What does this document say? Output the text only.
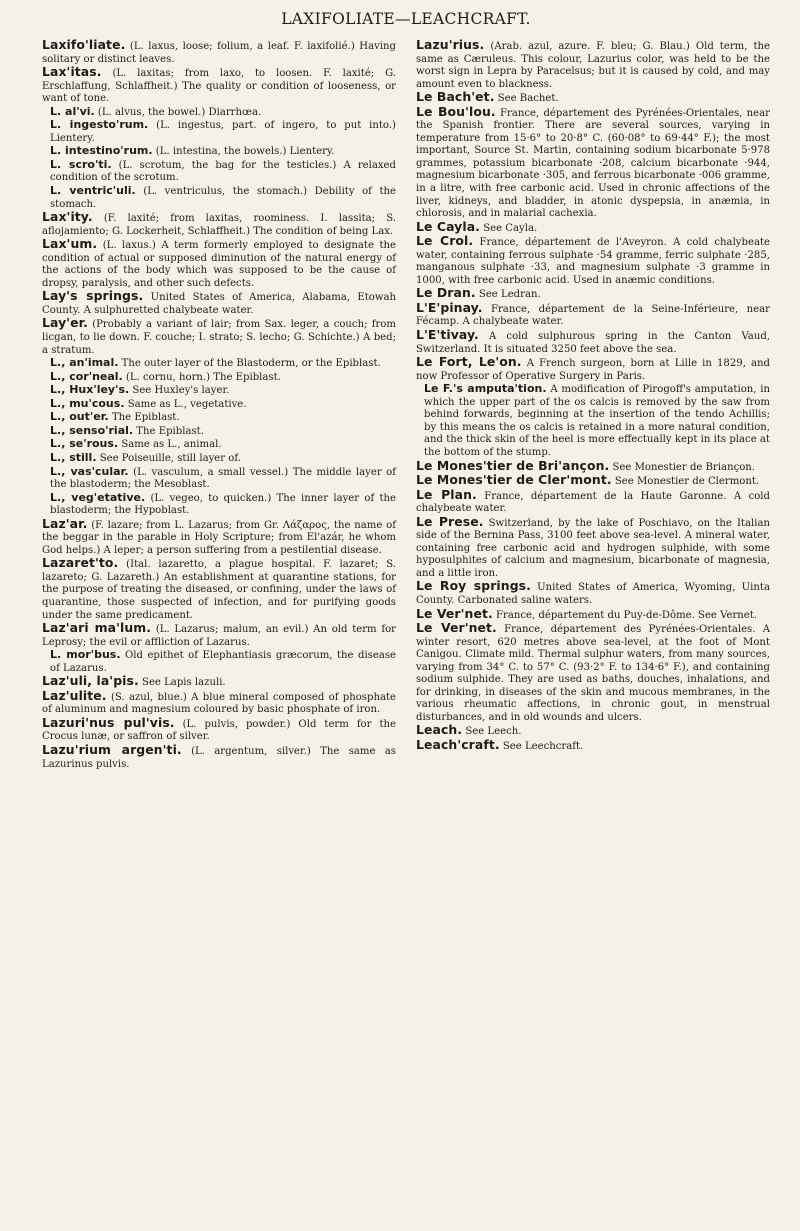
LAXIFOLIATE—LEACHCRAFT.

Laxifo'liate. (L. laxus, loose; folium, a leaf. F. laxifolié.) Having solitary or distinct leaves.

Lax'itas. (L. laxitas; from laxo, to loosen. F. laxité; G. Erschlaffung, Schlaffheit.) The quality or condition of looseness, or want of tone.

L. al'vi. (L. alvus, the bowel.) Diarrhœa.

L. ingesto'rum. (L. ingestus, part. of ingero, to put into.) Lientery.

L. intestino'rum. (L. intestina, the bowels.) Lientery.

L. scro'ti. (L. scrotum, the bag for the testicles.) A relaxed condition of the scrotum.

L. ventric'uli. (L. ventriculus, the stomach.) Debility of the stomach.

Lax'ity. (F. laxité; from laxitas, roominess. I. lassita; S. aflojamiento; G. Lockerheit, Schlaffheit.) The condition of being Lax.

Lax'um. (L. laxus.) A term formerly employed to designate the condition of actual or supposed diminution of the natural energy of the actions of the body which was supposed to be the cause of dropsy, paralysis, and other such defects.

Lay's springs. United States of America, Alabama, Etowah County. A sulphuretted chalybeate water.

Lay'er. (Probably a variant of lair; from Sax. leger, a couch; from licgan, to lie down. F. couche; I. strato; S. lecho; G. Schichte.) A bed; a stratum.

L., an'imal. The outer layer of the Blastoderm, or the Epiblast.

L., cor'neal. (L. cornu, horn.) The Epiblast.

L., Hux'ley's. See Huxley's layer.

L., mu'cous. Same as L., vegetative.

L., out'er. The Epiblast.

L., senso'rial. The Epiblast.

L., se'rous. Same as L., animal.

L., still. See Poiseuille, still layer of.

L., vas'cular. (L. vasculum, a small vessel.) The middle layer of the blastoderm; the Mesoblast.

L., veg'etative. (L. vegeo, to quicken.) The inner layer of the blastoderm; the Hypoblast.

Laz'ar. (F. lazare; from L. Lazarus; from Gr. Λάζαρος, the name of the beggar in the parable in Holy Scripture; from El'azár, he whom God helps.) A leper; a person suffering from a pestilential disease.

Lazaret'to. (Ital. lazaretto, a plague hospital. F. lazaret; S. lazareto; G. Lazareth.) An establishment at quarantine stations, for the purpose of treating the diseased, or confining, under the laws of quarantine, those suspected of infection, and for purifying goods under the same predicament.

Laz'ari ma'lum. (L. Lazarus; malum, an evil.) An old term for Leprosy; the evil or affliction of Lazarus.

L. mor'bus. Old epithet of Elephantiasis græcorum, the disease of Lazarus.

Laz'uli, la'pis. See Lapis lazuli.

Laz'ulite. (S. azul, blue.) A blue mineral composed of phosphate of aluminum and magnesium coloured by basic phosphate of iron.

Lazuri'nus pul'vis. (L. pulvis, powder.) Old term for the Crocus lunæ, or saffron of silver.

Lazu'rium argen'ti. (L. argentum, silver.) The same as Lazurinus pulvis.

Lazu'rius. (Arab. azul, azure. F. bleu; G. Blau.) Old term, the same as Cæruleus. This colour, Lazurius color, was held to be the worst sign in Lepra by Paracelsus; but it is caused by cold, and may amount even to blackness.

Le Bach'et. See Bachet.

Le Bou'lou. France, département des Pyrénées-Orientales, near the Spanish frontier. There are several sources, varying in temperature from 15·6° to 20·8° C. (60·08° to 69·44° F.); the most important, Source St. Martin, containing sodium bicarbonate 5·978 grammes, potassium bicarbonate ·208, calcium bicarbonate ·944, magnesium bicarbonate ·305, and ferrous bicarbonate ·006 gramme, in a litre, with free carbonic acid. Used in chronic affections of the liver, kidneys, and bladder, in atonic dyspepsia, in anæmia, in chlorosis, and in malarial cachexia.

Le Cayla. See Cayla.

Le Crol. France, département de l'Aveyron. A cold chalybeate water, containing ferrous sulphate ·54 gramme, ferric sulphate ·285, manganous sulphate ·33, and magnesium sulphate ·3 gramme in 1000, with free carbonic acid. Used in anæmic conditions.

Le Dran. See Ledran.

L'E'pinay. France, département de la Seine-Inférieure, near Fécamp. A chalybeate water.

L'E'tivay. A cold sulphurous spring in the Canton Vaud, Switzerland. It is situated 3250 feet above the sea.

Le Fort, Le'on. A French surgeon, born at Lille in 1829, and now Professor of Operative Surgery in Paris.

Le F.'s amputa'tion. A modification of Pirogoff's amputation, in which the upper part of the os calcis is removed by the saw from behind forwards, beginning at the insertion of the tendo Achillis; by this means the os calcis is retained in a more natural condition, and the thick skin of the heel is more effectually kept in its place at the bottom of the stump.

Le Mones'tier de Bri'ançon. See Monestier de Briançon.

Le Mones'tier de Cler'mont. See Monestier de Clermont.

Le Plan. France, département de la Haute Garonne. A cold chalybeate water.

Le Prese. Switzerland, by the lake of Poschiavo, on the Italian side of the Bernina Pass, 3100 feet above sea-level. A mineral water, containing free carbonic acid and hydrogen sulphide, with some hyposulphites of calcium and magnesium, bicarbonate of magnesia, and a little iron.

Le Roy springs. United States of America, Wyoming, Uinta County. Carbonated saline waters.

Le Ver'net. France, département du Puy-de-Dôme. See Vernet.

Le Ver'net. France, département des Pyrénées-Orientales. A winter resort, 620 metres above sea-level, at the foot of Mont Canigou. Climate mild. Thermal sulphur waters, from many sources, varying from 34° C. to 57° C. (93·2° F. to 134·6° F.), and containing sodium sulphide. They are used as baths, douches, inhalations, and for drinking, in diseases of the skin and mucous membranes, in the various rheumatic affections, in chronic gout, in menstrual disturbances, and in old wounds and ulcers.

Leach. See Leech.

Leach'craft. See Leechcraft.
